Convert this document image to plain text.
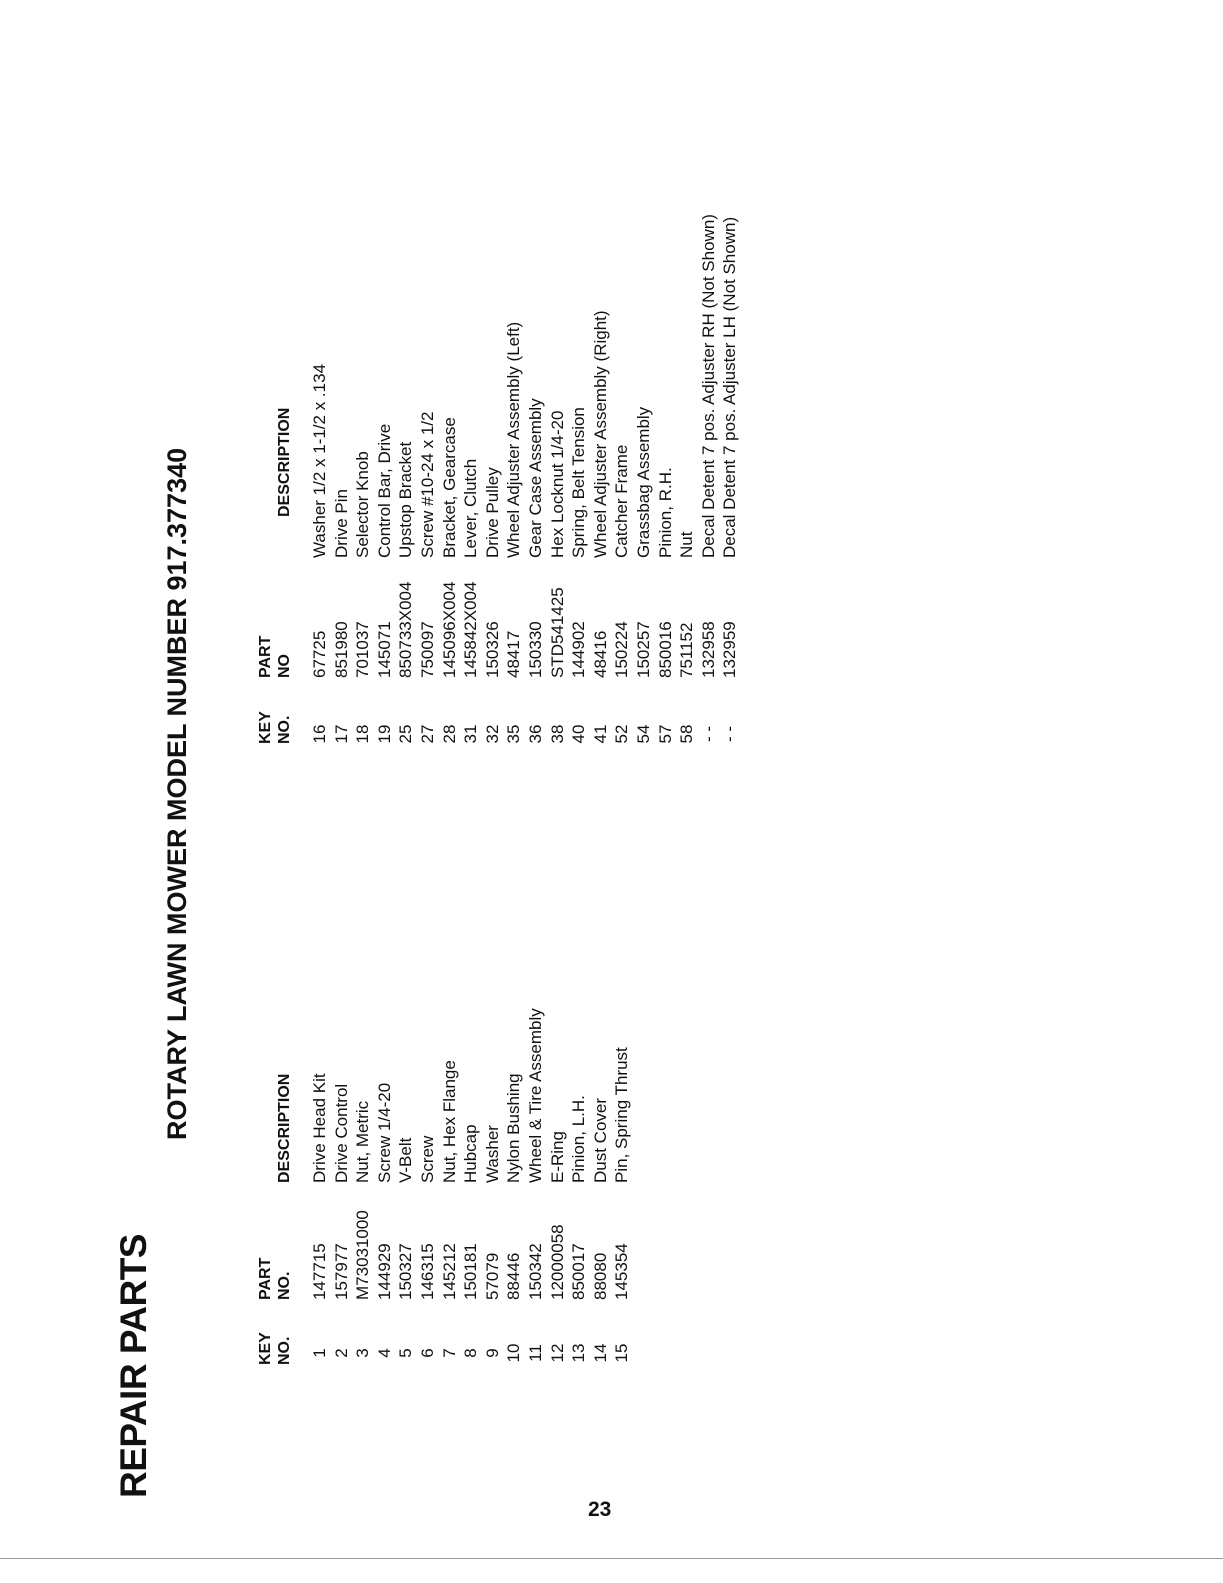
REPAIR PARTS
ROTARY LAWN MOWER MODEL NUMBER 917.377340
KEY NO.
PART NO.

DESCRIPTION
KEY NO.
PART NO

DESCRIPTION
1
147715
Drive Head Kit
2
157977
Drive Control
3
M73031000
Nut, Metric
4
144929
Screw 1/4-20
5
150327
V-Belt
6
146315
Screw
7
145212
Nut, Hex Flange
8
150181
Hubcap
9
57079
Washer
10
88446
Nylon Bushing
11
150342
Wheel & Tire Assembly
12
12000058
E-Ring
13
850017
Pinion, L.H.
14
88080
Dust Cover
15
145354
Pin, Spring Thrust
16
67725
Washer 1/2 x 1-1/2 x .134
17
851980
Drive Pin
18
701037
Selector Knob
19
145071
Control Bar, Drive
25
850733X004
Upstop Bracket
27
750097
Screw #10-24 x 1/2
28
145096X004
Bracket, Gearcase
31
145842X004
Lever, Clutch
32
150326
Drive Pulley
35
48417
Wheel Adjuster Assembly (Left)
36
150330
Gear Case Assembly
38
STD541425
Hex Locknut 1/4-20
40
144902
Spring, Belt Tension
41
48416
Wheel Adjuster Assembly (Right)
52
150224
Catcher Frame
54
150257
Grassbag Assembly
57
850016
Pinion, R.H.
58
751152
Nut
- -
132958
Decal Detent 7 pos. Adjuster RH (Not Shown)
- -
132959
Decal Detent 7 pos. Adjuster LH (Not Shown)
23
